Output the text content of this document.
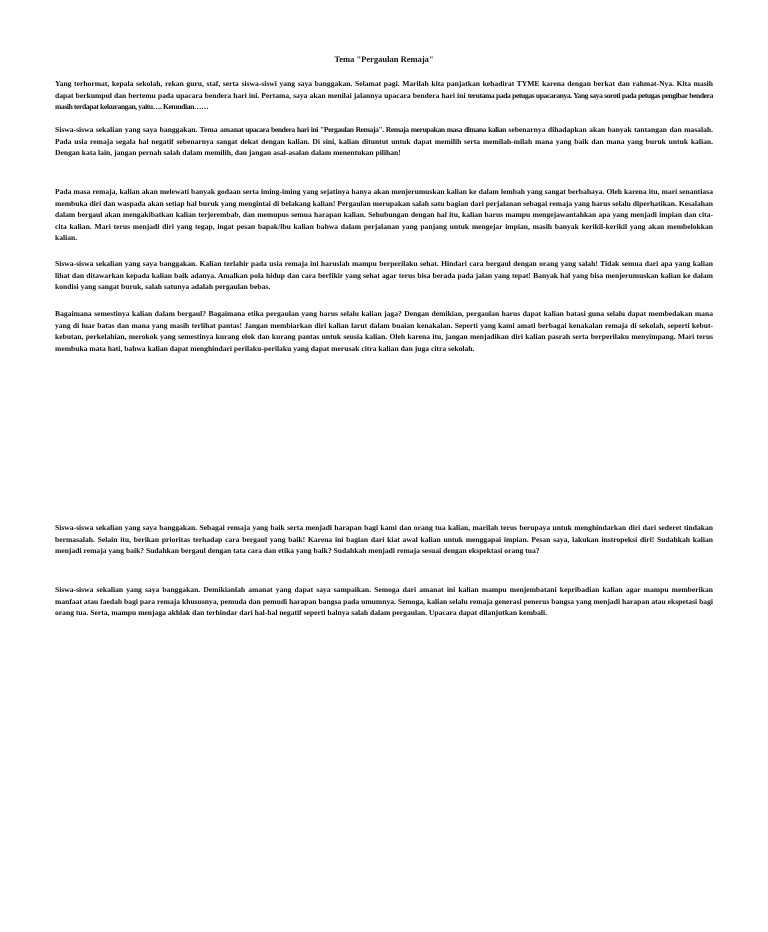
Tema "Pergaulan Remaja"

Yang terhormat, kepala sekolah, rekan guru, staf, serta siswa-siswi yang saya banggakan. Selamat pagi. Marilah kita panjatkan kehadirat TYME karena dengan berkat dan rahmat-Nya. Kita masih dapat berkumpul dan bertemu pada upacara bendera hari ini. Pertama, saya akan menilai jalannya upacara bendera hari ini terutama pada petugas upacaranya. Yang saya soroti pada petugas pengibar bendera masih terdapat kekurangan, yaitu…. Kemudian……

Siswa-siswa sekalian yang saya banggakan. Tema amanat upacara bendera hari ini "Pergaulan Remaja". Remaja merupakan masa dimana kalian sebenarnya dihadapkan akan banyak tantangan dan masalah. Pada usia remaja segala hal negatif sebenarnya sangat dekat dengan kalian. Di sini, kalian dituntut untuk dapat memilih serta memilah-milah mana yang baik dan mana yang buruk untuk kalian. Dengan kata lain, jangan pernah salah dalam memilih, dan jangan asal-asalan dalam menentukan pilihan!

Pada masa remaja, kalian akan melewati banyak godaan serta iming-iming yang sejatinya hanya akan menjerumuskan kalian ke dalam lembah yang sangat berbahaya. Oleh karena itu, mari senantiasa membuka diri dan waspada akan setiap hal buruk yang mengintai di belakang kalian! Pergaulan merupakan salah satu bagian dari perjalanan sebagai remaja yang harus selalu diperhatikan. Kesalahan dalam bergaul akan mengakibatkan kalian terjerembab, dan memupus semua harapan kalian. Sehubungan dengan hal itu, kalian harus mampu mengejawantahkan apa yang menjadi impian dan cita-cita kalian. Mari terus menjadi diri yang tegap, ingat pesan bapak/ibu kalian bahwa dalam perjalanan yang panjang untuk mengejar impian, masih banyak kerikil-kerikil yang akan membelokkan kalian.

Siswa-siswa sekalian yang saya banggakan. Kalian terlahir pada usia remaja ini haruslah mampu berperilaku sehat. Hindari cara bergaul dengan orang yang salah! Tidak semua dari apa yang kalian lihat dan ditawarkan kepada kalian baik adanya. Amalkan pola hidup dan cara berfikir yang sehat agar terus bisa berada pada jalan yang tepat! Banyak hal yang bisa menjerumuskan kalian ke dalam kondisi yang sangat buruk, salah satunya adalah pergaulan bebas.

Bagaimana semestinya kalian dalam bergaul? Bagaimana etika pergaulan yang harus selalu kalian jaga? Dengan demikian, pergaulan harus dapat kalian batasi guna selalu dapat membedakan mana yang di luar batas dan mana yang masih terlihat pantas! Jangan membiarkan diri kalian larut dalam buaian kenakalan. Seperti yang kami amati berbagai kenakalan remaja di sekolah, seperti kebut-kebutan, perkelahian, merokok yang semestinya kurang elok dan kurang pantas untuk seusia kalian. Oleh karena itu, jangan menjadikan diri kalian pasrah serta berperilaku menyimpang. Mari terus membuka mata hati, bahwa kalian dapat menghindari perilaku-perilaku yang dapat merusak citra kalian dan juga citra sekolah.

Siswa-siswa sekalian yang saya banggakan. Sebagai remaja yang baik serta menjadi harapan bagi kami dan orang tua kalian, marilah terus berupaya untuk menghindarkan diri dari sederet tindakan bermasalah. Selain itu, berikan prioritas terhadap cara bergaul yang baik! Karena ini bagian dari kiat awal kalian untuk menggapai impian. Pesan saya, lakukan instropeksi diri! Sudahkah kalian menjadi remaja yang baik? Sudahkan bergaul dengan tata cara dan etika yang baik? Sudahkah menjadi remaja sesuai dengan ekspektasi orang tua?

Siswa-siswa sekalian yang saya banggakan. Demikianlah amanat yang dapat saya sampaikan. Semoga dari amanat ini kalian mampu menjembatani kepribadian kalian agar mampu memberikan manfaat atau faedah bagi para remaja khususnya, pemuda dan pemudi harapan bangsa pada umumnya. Semoga, kalian selalu remaja generasi penerus bangsa yang menjadi harapan atau ekspetasi bagi orang tua. Serta, mampu menjaga akhlak dan terhindar dari hal-hal negatif seperti halnya salah dalam pergaulan. Upacara dapat dilanjutkan kembali.
